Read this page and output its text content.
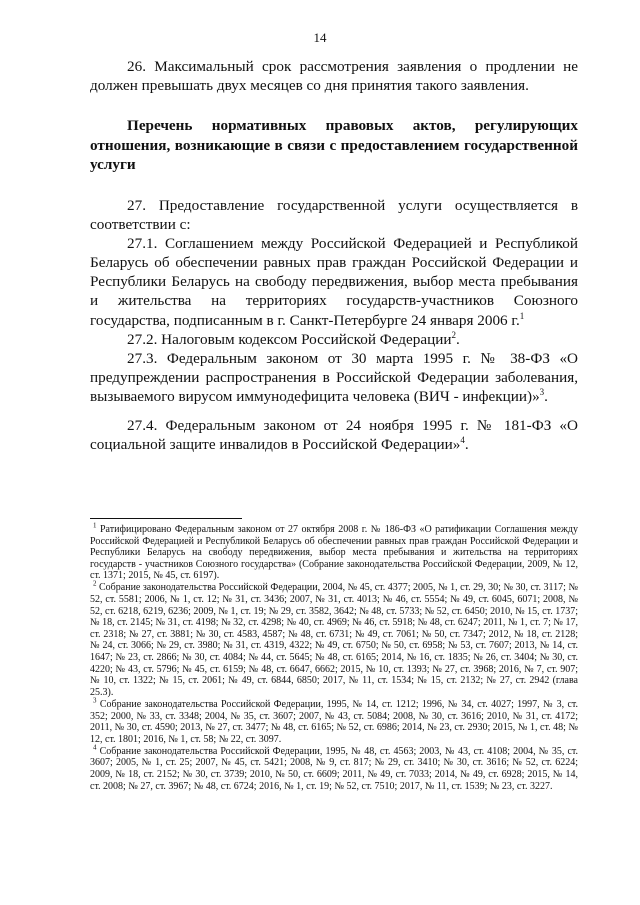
14

26. Максимальный срок рассмотрения заявления о продлении не должен превышать двух месяцев со дня принятия такого заявления.

Перечень нормативных правовых актов, регулирующих отношения, возникающие в связи с предоставлением государственной услуги

27. Предоставление государственной услуги осуществляется в соответствии с:

27.1. Соглашением между Российской Федерацией и Республикой Беларусь об обеспечении равных прав граждан Российской Федерации и Республики Беларусь на свободу передвижения, выбор места пребывания и жительства на территориях государств-участников Союзного государства, подписанным в г. Санкт-Петербурге 24 января 2006 г.$^1$

27.2. Налоговым кодексом Российской Федерации$^2$.

27.3. Федеральным законом от 30 марта 1995 г. № 38-ФЗ «О предупреждении распространения в Российской Федерации заболевания, вызываемого вирусом иммунодефицита человека (ВИЧ - инфекции)»$^3$.

27.4. Федеральным законом от 24 ноября 1995 г. № 181-ФЗ «О социальной защите инвалидов в Российской Федерации»$^4$.

$^1$ Ратифицировано Федеральным законом от 27 октября 2008 г. № 186-ФЗ «О ратификации Соглашения между Российской Федерацией и Республикой Беларусь об обеспечении равных прав граждан Российской Федерации и Республики Беларусь на свободу передвижения, выбор места пребывания и жительства на территориях государств - участников Союзного государства» (Собрание законодательства Российской Федерации, 2009, № 12, ст. 1371; 2015, № 45, ст. 6197).

$^2$ Собрание законодательства Российской Федерации, 2004, № 45, ст. 4377; 2005, № 1, ст. 29, 30; № 30, ст. 3117; № 52, ст. 5581; 2006, № 1, ст. 12; № 31, ст. 3436; 2007, № 31, ст. 4013; № 46, ст. 5554; № 49, ст. 6045, 6071; 2008, № 52, ст. 6218, 6219, 6236; 2009, № 1, ст. 19; № 29, ст. 3582, 3642; № 48, ст. 5733; № 52, ст. 6450; 2010, № 15, ст. 1737; № 18, ст. 2145; № 31, ст. 4198; № 32, ст. 4298; № 40, ст. 4969; № 46, ст. 5918; № 48, ст. 6247; 2011, № 1, ст. 7; № 17, ст. 2318; № 27, ст. 3881; № 30, ст. 4583, 4587; № 48, ст. 6731; № 49, ст. 7061; № 50, ст. 7347; 2012, № 18, ст. 2128; № 24, ст. 3066; № 29, ст. 3980; № 31, ст. 4319, 4322; № 49, ст. 6750; № 50, ст. 6958; № 53, ст. 7607; 2013, № 14, ст. 1647; № 23, ст. 2866; № 30, ст. 4084; № 44, ст. 5645; № 48, ст. 6165; 2014, № 16, ст. 1835; № 26, ст. 3404; № 30, ст. 4220; № 43, ст. 5796; № 45, ст. 6159; № 48, ст. 6647, 6662; 2015, № 10, ст. 1393; № 27, ст. 3968; 2016, № 7, ст. 907; № 10, ст. 1322; № 15, ст. 2061; № 49, ст. 6844, 6850; 2017, № 11, ст. 1534; № 15, ст. 2132; № 27, ст. 2942 (глава 25.3).

$^3$ Собрание законодательства Российской Федерации, 1995, № 14, ст. 1212; 1996, № 34, ст. 4027; 1997, № 3, ст. 352; 2000, № 33, ст. 3348; 2004, № 35, ст. 3607; 2007, № 43, ст. 5084; 2008, № 30, ст. 3616; 2010, № 31, ст. 4172; 2011, № 30, ст. 4590; 2013, № 27, ст. 3477; № 48, ст. 6165; № 52, ст. 6986; 2014, № 23, ст. 2930; 2015, № 1, ст. 48; № 12, ст. 1801; 2016, № 1, ст. 58; № 22, ст. 3097.

$^4$ Собрание законодательства Российской Федерации, 1995, № 48, ст. 4563; 2003, № 43, ст. 4108; 2004, № 35, ст. 3607; 2005, № 1, ст. 25; 2007, № 45, ст. 5421; 2008, № 9, ст. 817; № 29, ст. 3410; № 30, ст. 3616; № 52, ст. 6224; 2009, № 18, ст. 2152; № 30, ст. 3739; 2010, № 50, ст. 6609; 2011, № 49, ст. 7033; 2014, № 49, ст. 6928; 2015, № 14, ст. 2008; № 27, ст. 3967; № 48, ст. 6724; 2016, № 1, ст. 19; № 52, ст. 7510; 2017, № 11, ст. 1539; № 23, ст. 3227.
